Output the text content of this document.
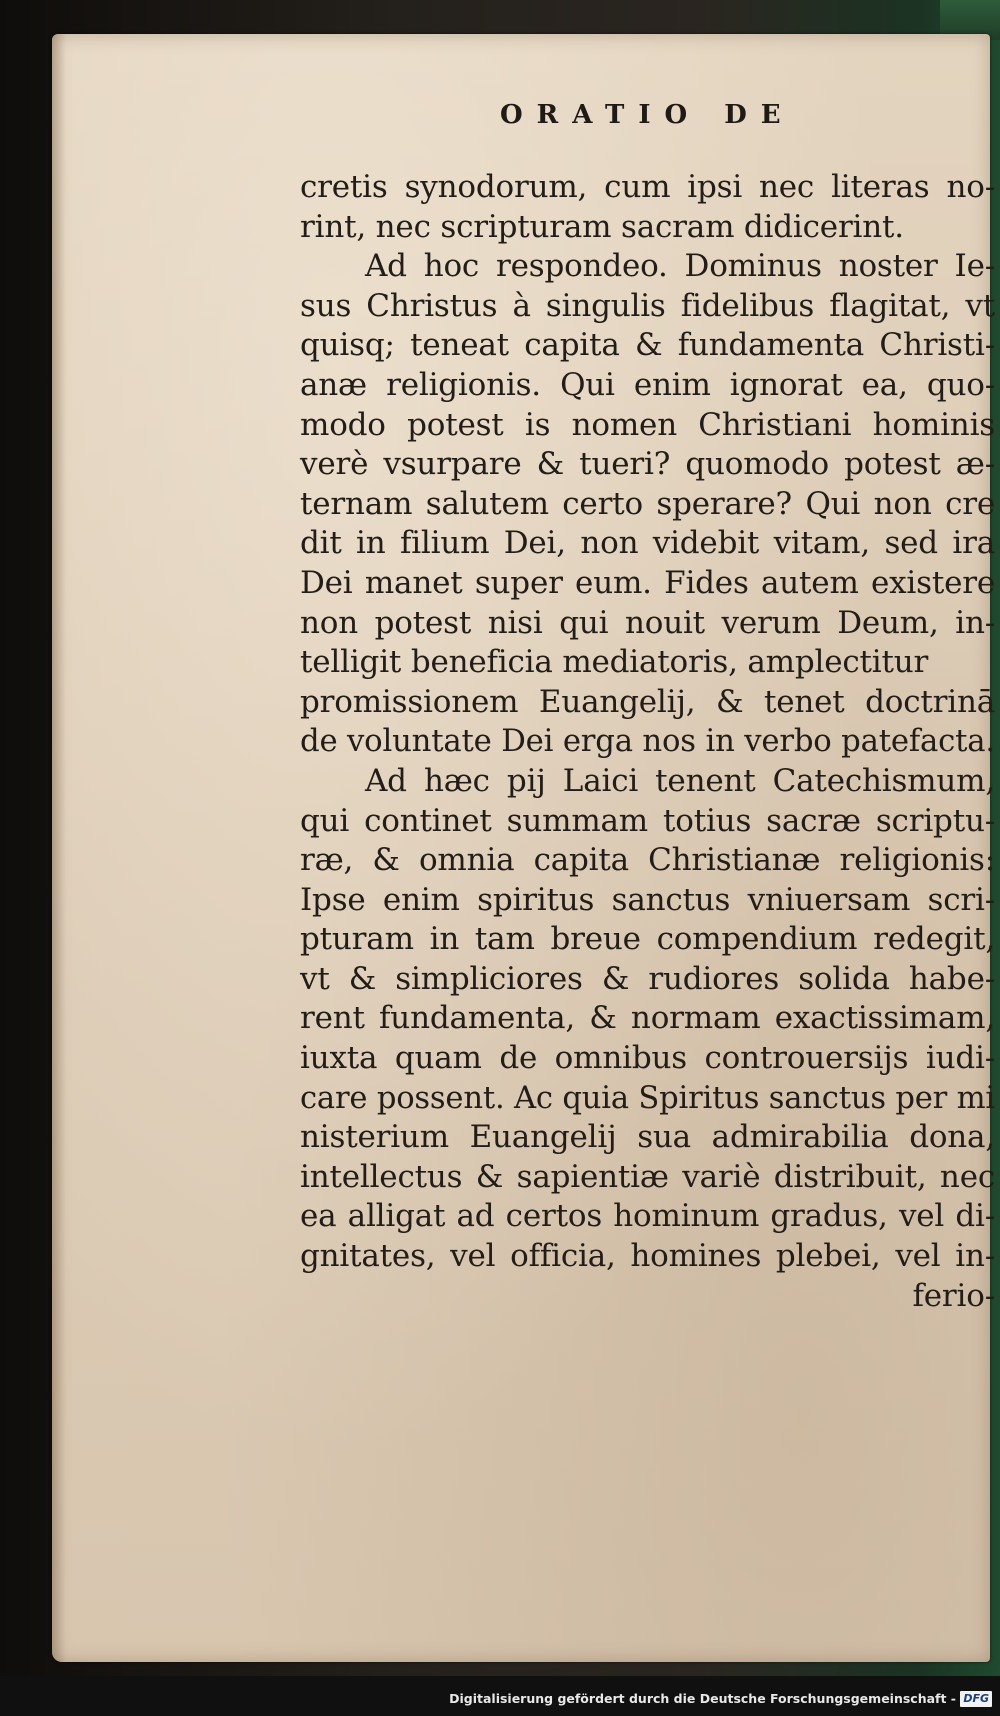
ORATIO DE
cretis synodorum, cum ipsi nec literas no-
rint, nec scripturam sacram didicerint.
Ad hoc respondeo. Dominus noster Ie-
sus Christus à singulis fidelibus flagitat, vt
quisq; teneat capita & fundamenta Christi-
anæ religionis. Qui enim ignorat ea, quo-
modo potest is nomen Christiani hominis
verè vsurpare & tueri? quomodo potest æ-
ternam salutem certo sperare? Qui non cre
dit in filium Dei, non videbit vitam, sed ira
Dei manet super eum. Fides autem existere
non potest nisi qui nouit verum Deum, in-
telligit beneficia mediatoris, amplectitur
promissionem Euangelij, & tenet doctrinā
de voluntate Dei erga nos in verbo patefacta.
Ad hæc pij Laici tenent Catechismum,
qui continet summam totius sacræ scriptu-
ræ, & omnia capita Christianæ religionis:
Ipse enim spiritus sanctus vniuersam scri-
pturam in tam breue compendium redegit,
vt & simpliciores & rudiores solida habe-
rent fundamenta, & normam exactissimam,
iuxta quam de omnibus controuersijs iudi-
care possent. Ac quia Spiritus sanctus per mi
nisterium Euangelij sua admirabilia dona,
intellectus & sapientiæ variè distribuit, nec
ea alligat ad certos hominum gradus, vel di-
gnitates, vel officia, homines plebei, vel in-
ferio-
Digitalisierung gefördert durch die Deutsche Forschungsgemeinschaft - DFG
